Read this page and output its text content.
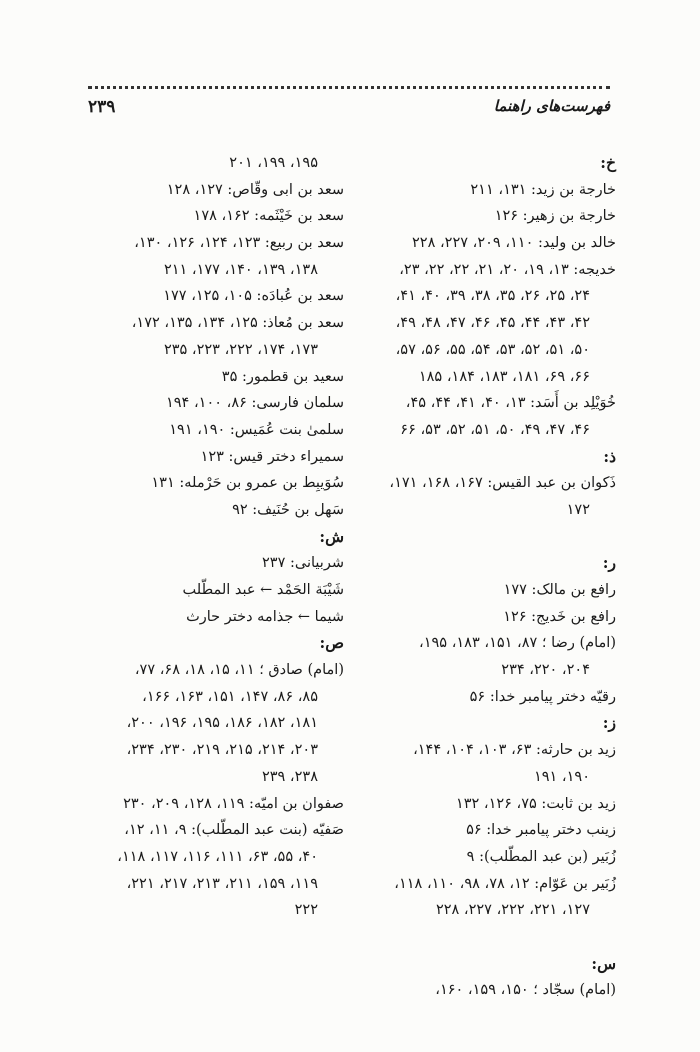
فهرست‌های راهنما
۲۳۹
خ:
خارجة بن زيد: ۱۳۱، ۲۱۱
خارجة بن زهير: ۱۲۶
خالد بن وليد: ۱۱۰، ۲۰۹، ۲۲۷، ۲۲۸
خديجه: ۱۳، ۱۹، ۲۰، ۲۱، ۲۲، ۲۲، ۲۳،
۲۴، ۲۵، ۲۶، ۳۵، ۳۸، ۳۹، ۴۰، ۴۱،
۴۲، ۴۳، ۴۴، ۴۵، ۴۶، ۴۷، ۴۸، ۴۹،
۵۰، ۵۱، ۵۲، ۵۳، ۵۴، ۵۵، ۵۶، ۵۷،
۶۶، ۶۹، ۱۸۱، ۱۸۳، ۱۸۴، ۱۸۵
خُوَيْلِد بن أَسَد: ۱۳، ۴۰، ۴۱، ۴۴، ۴۵،
۴۶، ۴۷، ۴۹، ۵۰، ۵۱، ۵۲، ۵۳، ۶۶
ذ:
ذَكوان بن عبد القيس: ۱۶۷، ۱۶۸، ۱۷۱،
۱۷۲
ر:
رافع بن مالک: ۱۷۷
رافع بن خَديج: ۱۲۶
(امام) رضا ؛ ۸۷، ۱۵۱، ۱۸۳، ۱۹۵،
۲۰۴، ۲۲۰، ۲۳۴
رقيّه دختر پيامبر خدا: ۵۶
ز:
زيد بن حارثه: ۶۳، ۱۰۳، ۱۰۴، ۱۴۴،
۱۹۰، ۱۹۱
زيد بن ثابت: ۷۵، ۱۲۶، ۱۳۲
زينب دختر پيامبر خدا: ۵۶
زُبَير (بن عبد المطّلب): ۹
زُبَير بن عَوّام: ۱۲، ۷۸، ۹۸، ۱۱۰، ۱۱۸،
۱۲۷، ۲۲۱، ۲۲۲، ۲۲۷، ۲۲۸
س:
(امام) سجّاد ؛ ۱۵۰، ۱۵۹، ۱۶۰،
۱۹۵، ۱۹۹، ۲۰۱
سعد بن ابی وقّاص: ۱۲۷، ۱۲۸
سعد بن خَيْثَمه: ۱۶۲، ۱۷۸
سعد بن ربيع: ۱۲۳، ۱۲۴، ۱۲۶، ۱۳۰،
۱۳۸، ۱۳۹، ۱۴۰، ۱۷۷، ۲۱۱
سعد بن عُبادَه: ۱۰۵، ۱۲۵، ۱۷۷
سعد بن مُعاذ: ۱۲۵، ۱۳۴، ۱۳۵، ۱۷۲،
۱۷۳، ۱۷۴، ۲۲۲، ۲۲۳، ۲۳۵
سعيد بن قطمور: ۳۵
سلمان فارسی: ۸۶، ۱۰۰، ۱۹۴
سلمیٰ بنت عُمَيس: ۱۹۰، ۱۹۱
سميراء دختر قيس: ۱۲۳
سُوَيبِط بن عمرو بن حَرْمله: ۱۳۱
سَهل بن حُنَيف: ۹۲
ش:
شربيانی: ۲۳۷
شَيْبَة الحَمْد ← عبد المطّلب
شيما ← جذامه دختر حارث
ص:
(امام) صادق ؛ ۱۱، ۱۵، ۱۸، ۶۸، ۷۷،
۸۵، ۸۶، ۱۴۷، ۱۵۱، ۱۶۳، ۱۶۶،
۱۸۱، ۱۸۲، ۱۸۶، ۱۹۵، ۱۹۶، ۲۰۰،
۲۰۳، ۲۱۴، ۲۱۵، ۲۱۹، ۲۳۰، ۲۳۴،
۲۳۸، ۲۳۹
صفوان بن اميّه: ۱۱۹، ۱۲۸، ۲۰۹، ۲۳۰
صَفيّه (بنت عبد المطّلب): ۹، ۱۱، ۱۲،
۴۰، ۵۵، ۶۳، ۱۱۱، ۱۱۶، ۱۱۷، ۱۱۸،
۱۱۹، ۱۵۹، ۲۱۱، ۲۱۳، ۲۱۷، ۲۲۱،
۲۲۲
